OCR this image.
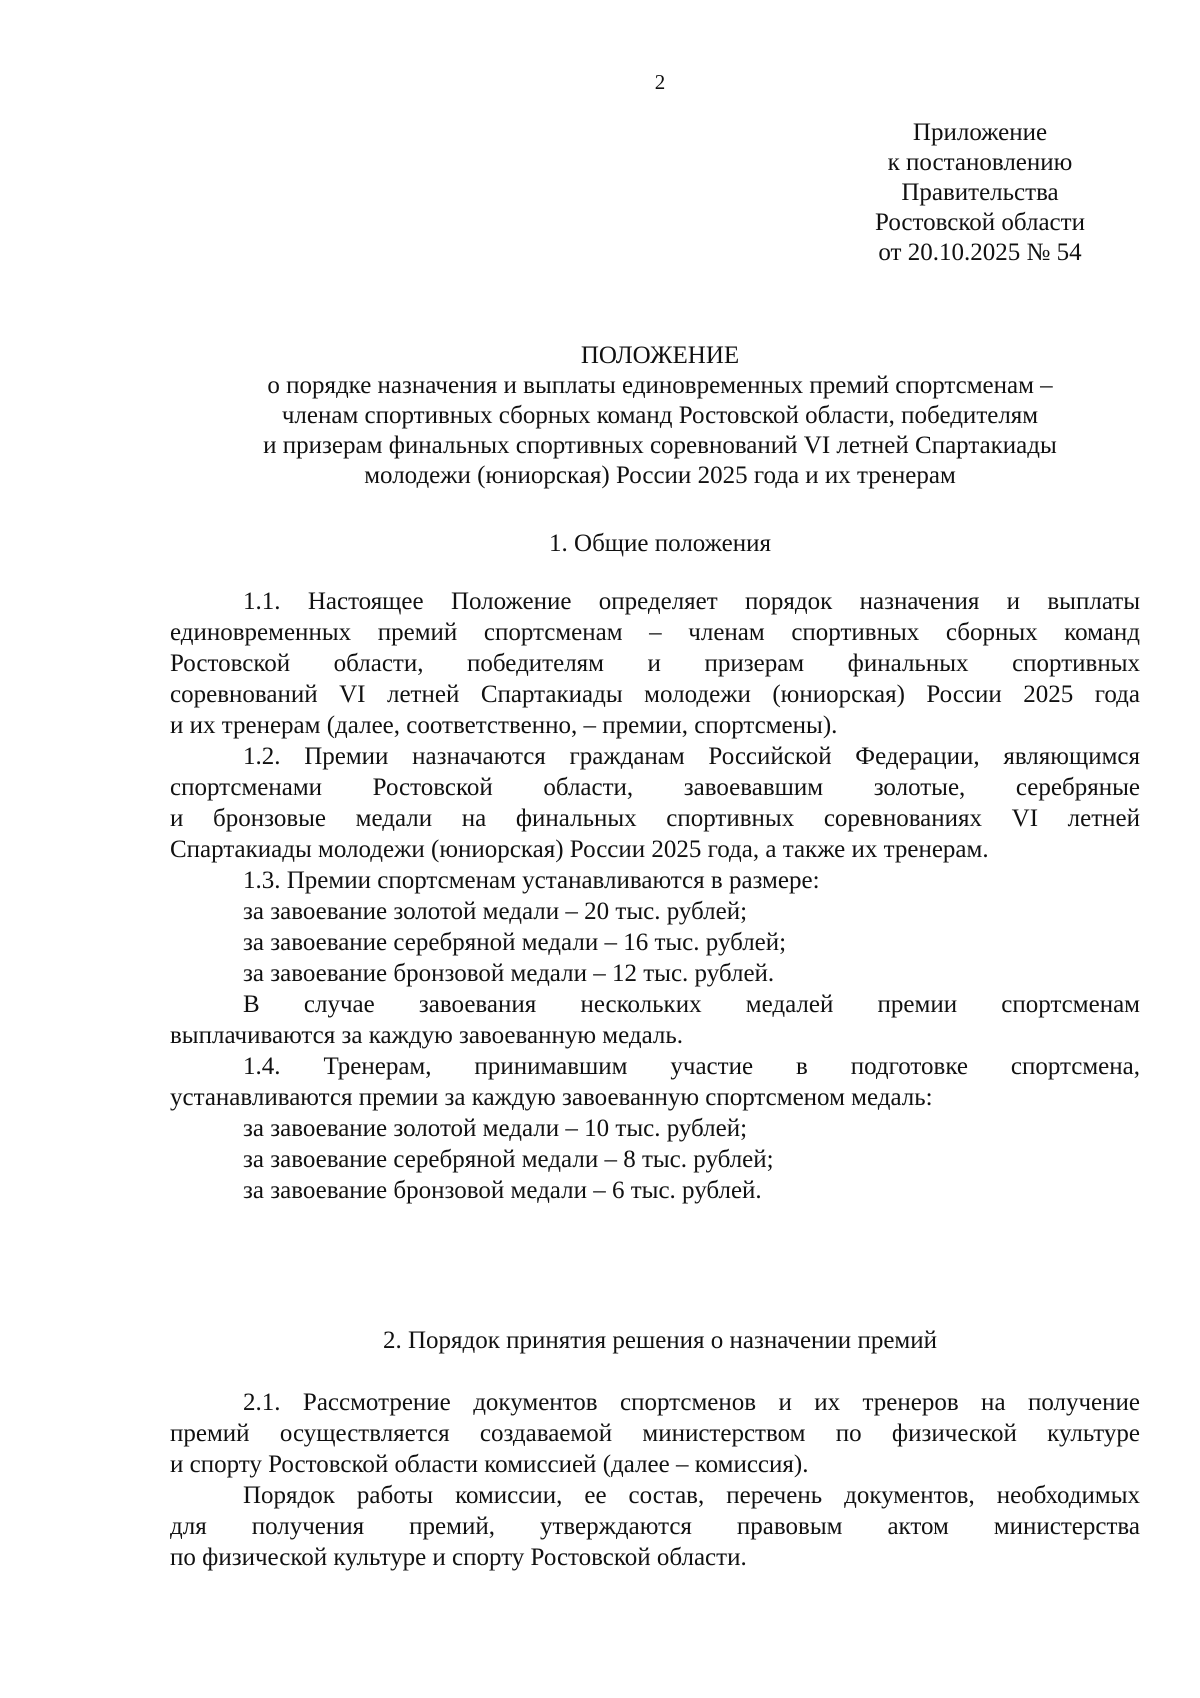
2
Приложение
к постановлению
Правительства
Ростовской области
от 20.10.2025 № 54
ПОЛОЖЕНИЕ
о порядке назначения и выплаты единовременных премий спортсменам –
членам спортивных сборных команд Ростовской области, победителям
и призерам финальных спортивных соревнований VI летней Спартакиады
молодежи (юниорская) России 2025 года и их тренерам
1. Общие положения
1.1. Настоящее Положение определяет порядок назначения и выплаты
единовременных премий спортсменам – членам спортивных сборных команд
Ростовской области, победителям и призерам финальных спортивных
соревнований VI летней Спартакиады молодежи (юниорская) России 2025 года
и их тренерам (далее, соответственно, – премии, спортсмены).
1.2. Премии назначаются гражданам Российской Федерации, являющимся
спортсменами Ростовской области, завоевавшим золотые, серебряные
и бронзовые медали на финальных спортивных соревнованиях VI летней
Спартакиады молодежи (юниорская) России 2025 года, а также их тренерам.
1.3. Премии спортсменам устанавливаются в размере:
за завоевание золотой медали – 20 тыс. рублей;
за завоевание серебряной медали – 16 тыс. рублей;
за завоевание бронзовой медали – 12 тыс. рублей.
В случае завоевания нескольких медалей премии спортсменам
выплачиваются за каждую завоеванную медаль.
1.4. Тренерам, принимавшим участие в подготовке спортсмена,
устанавливаются премии за каждую завоеванную спортсменом медаль:
за завоевание золотой медали – 10 тыс. рублей;
за завоевание серебряной медали – 8 тыс. рублей;
за завоевание бронзовой медали – 6 тыс. рублей.
2. Порядок принятия решения о назначении премий
2.1. Рассмотрение документов спортсменов и их тренеров на получение
премий осуществляется создаваемой министерством по физической культуре
и спорту Ростовской области комиссией (далее – комиссия).
Порядок работы комиссии, ее состав, перечень документов, необходимых
для получения премий, утверждаются правовым актом министерства
по физической культуре и спорту Ростовской области.
